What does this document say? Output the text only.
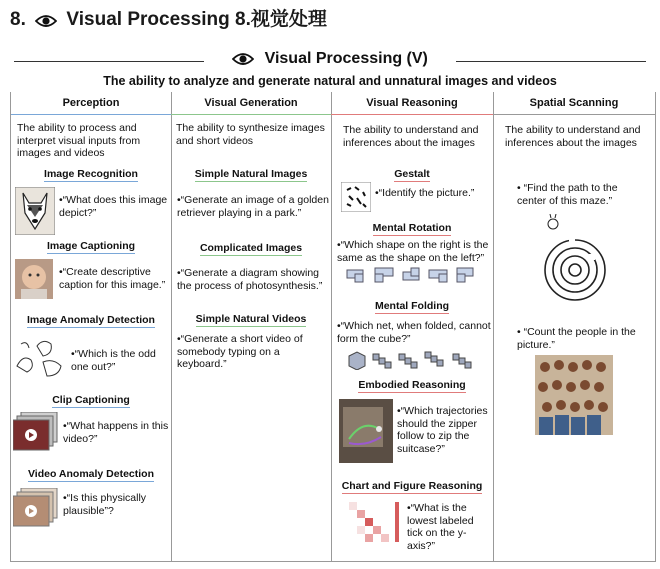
8. Visual Processing 8.视觉处理
Visual Processing (V)
The ability to analyze and generate natural and unnatural images and videos
Perception
The ability to process and interpret visual inputs from images and videos
Image Recognition
•“What does this image depict?”
Image Captioning
•“Create descriptive caption for this image.”
Image Anomaly Detection
•“Which is the odd one out?”
Clip Captioning
•“What happens in this video?”
Video Anomaly Detection
•“Is this physically plausible”?
Visual Generation
The ability to synthesize images and short videos
Simple Natural Images
•“Generate an image of a golden retriever playing in a park.”
Complicated Images
•“Generate a diagram showing the process of photosynthesis.”
Simple Natural Videos
•“Generate a short video of somebody typing on a keyboard.”
Visual Reasoning
The ability to understand and inferences about the images
Gestalt
•“Identify the picture.”
Mental Rotation
•“Which shape on the right is the same as the shape on the left?”
Mental Folding
•“Which net, when folded, cannot form the cube?”
Embodied Reasoning
•“Which trajectories should the zipper follow to zip the suitcase?”
Chart and Figure Reasoning
•“What is the lowest labeled tick on the y-axis?”
Spatial Scanning
The ability to understand and inferences about the images
• “Find the path to the center of this maze.”
• “Count the people in the picture.”
